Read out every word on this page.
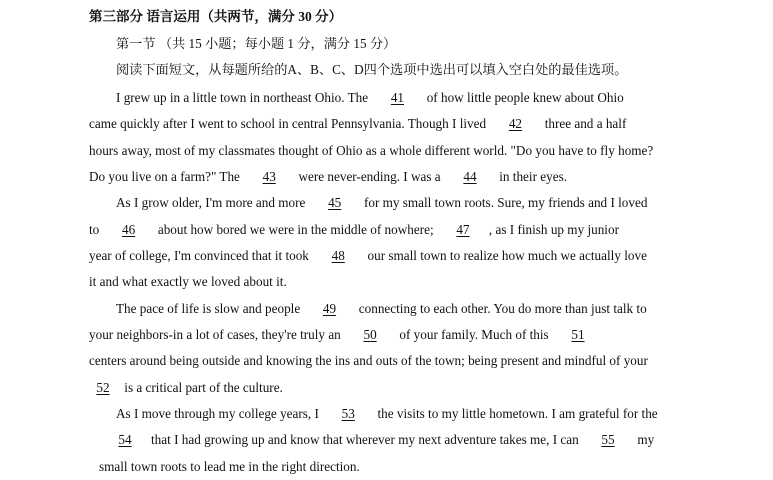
第三部分 语言运用（共两节，满分 30 分）
第一节 （共 15 小题；每小题 1 分，满分 15 分）
阅读下面短文，从每题所给的A、B、C、D四个选项中选出可以填入空白处的最佳选项。
I grew up in a little town in northeast Ohio. The 41 of how little people knew about Ohio
came quickly after I went to school in central Pennsylvania. Though I lived 42 three and a half
hours away, most of my classmates thought of Ohio as a whole different world. "Do you have to fly home?
Do you live on a farm?" The 43 were never-ending. I was a 44 in their eyes.
As I grow older, I'm more and more 45 for my small town roots. Sure, my friends and I loved
to 46 about how bored we were in the middle of nowhere; 47 , as I finish up my junior
year of college, I'm convinced that it took 48 our small town to realize how much we actually love
it and what exactly we loved about it.
The pace of life is slow and people 49 connecting to each other. You do more than just talk to
your neighbors-in a lot of cases, they're truly an 50 of your family. Much of this 51
centers around being outside and knowing the ins and outs of the town; being present and mindful of your
52 is a critical part of the culture.
As I move through my college years, I 53 the visits to my little hometown. I am grateful for the
54 that I had growing up and know that wherever my next adventure takes me, I can 55 my
small town roots to lead me in the right direction.
